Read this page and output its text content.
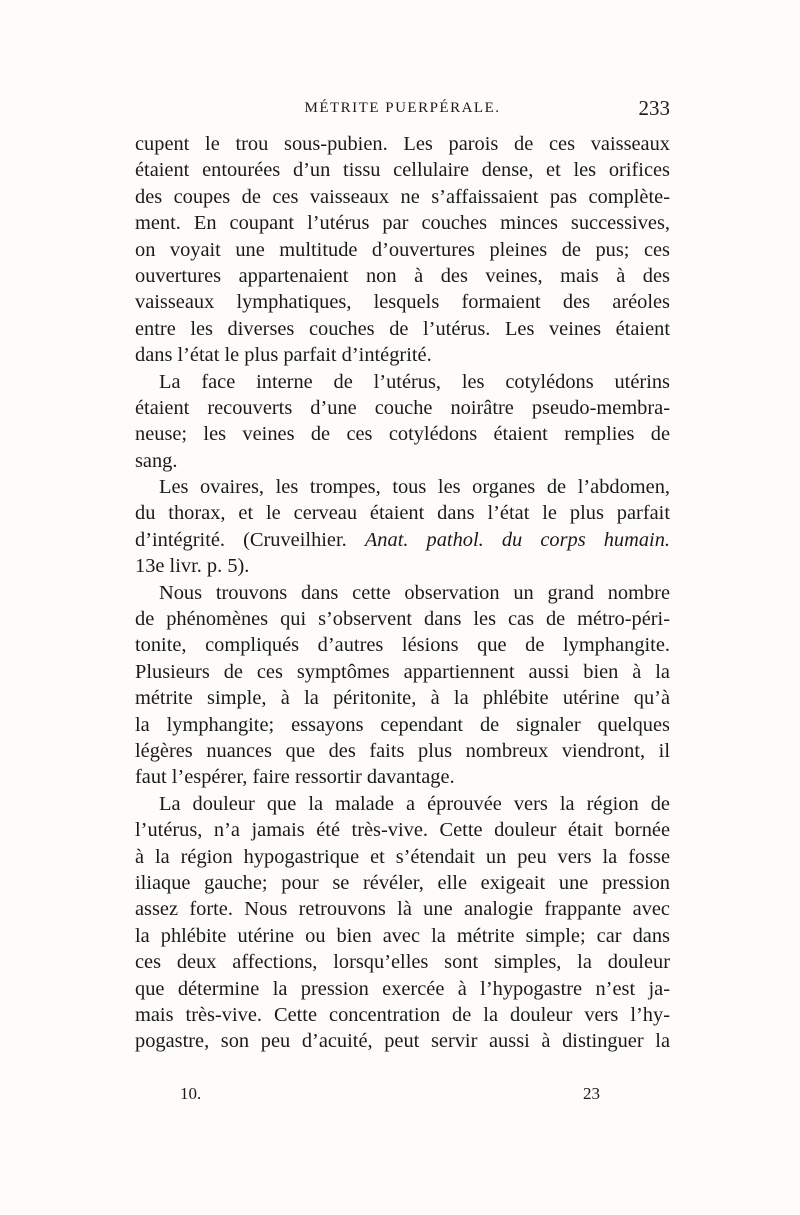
MÉTRITE PUERPÉRALE.	233
cupent le trou sous-pubien. Les parois de ces vaisseaux
étaient entourées d’un tissu cellulaire dense, et les orifices
des coupes de ces vaisseaux ne s’affaissaient pas complète-
ment. En coupant l’utérus par couches minces successives,
on voyait une multitude d’ouvertures pleines de pus; ces
ouvertures appartenaient non à des veines, mais à des
vaisseaux lymphatiques, lesquels formaient des aréoles
entre les diverses couches de l’utérus. Les veines étaient
dans l’état le plus parfait d’intégrité.
La face interne de l’utérus, les cotylédons utérins
étaient recouverts d’une couche noirâtre pseudo-membra-
neuse; les veines de ces cotylédons étaient remplies de
sang.
Les ovaires, les trompes, tous les organes de l’abdomen,
du thorax, et le cerveau étaient dans l’état le plus parfait
d’intégrité. (Cruveilhier. Anat. pathol. du corps humain.
13e livr. p. 5).
Nous trouvons dans cette observation un grand nombre
de phénomènes qui s’observent dans les cas de métro-péri-
tonite, compliqués d’autres lésions que de lymphangite.
Plusieurs de ces symptômes appartiennent aussi bien à la
métrite simple, à la péritonite, à la phlébite utérine qu’à
la lymphangite; essayons cependant de signaler quelques
légères nuances que des faits plus nombreux viendront, il
faut l’espérer, faire ressortir davantage.
La douleur que la malade a éprouvée vers la région de
l’utérus, n’a jamais été très-vive. Cette douleur était bornée
à la région hypogastrique et s’étendait un peu vers la fosse
iliaque gauche; pour se révéler, elle exigeait une pression
assez forte. Nous retrouvons là une analogie frappante avec
la phlébite utérine ou bien avec la métrite simple; car dans
ces deux affections, lorsqu’elles sont simples, la douleur
que détermine la pression exercée à l’hypogastre n’est ja-
mais très-vive. Cette concentration de la douleur vers l’hy-
pogastre, son peu d’acuité, peut servir aussi à distinguer la
10.	23
